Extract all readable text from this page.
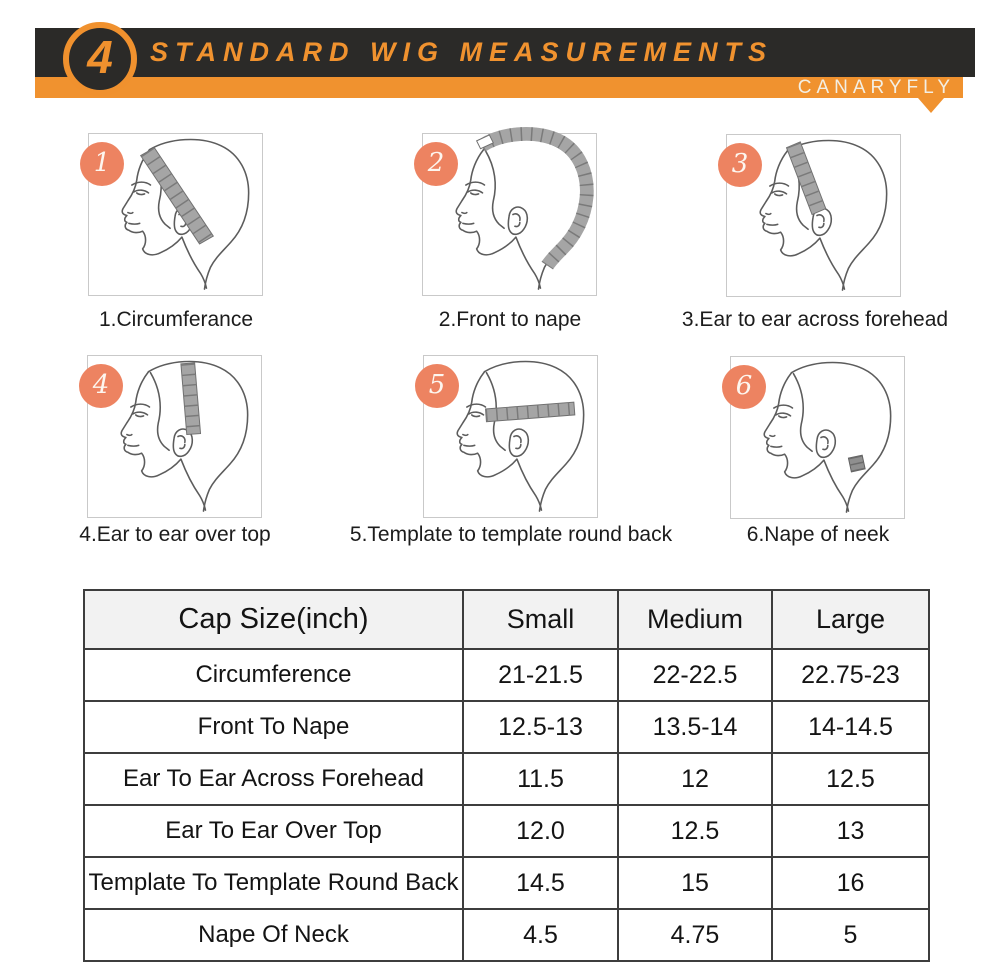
CANARYFLY
4 STANDARD WIG MEASUREMENTS
1
1.Circumferance
2
2.Front to nape
3
3.Ear to ear across forehead
4
4.Ear to ear over top
5
5.Template to template round back
6
6.Nape of neek
Cap Size(inch)	Small	Medium	Large
Circumference	21-21.5	22-22.5	22.75-23
Front To Nape	12.5-13	13.5-14	14-14.5
Ear To Ear Across Forehead	11.5	12	12.5
Ear To Ear Over Top	12.0	12.5	13
Template To Template Round Back	14.5	15	16
Nape Of Neck	4.5	4.75	5
